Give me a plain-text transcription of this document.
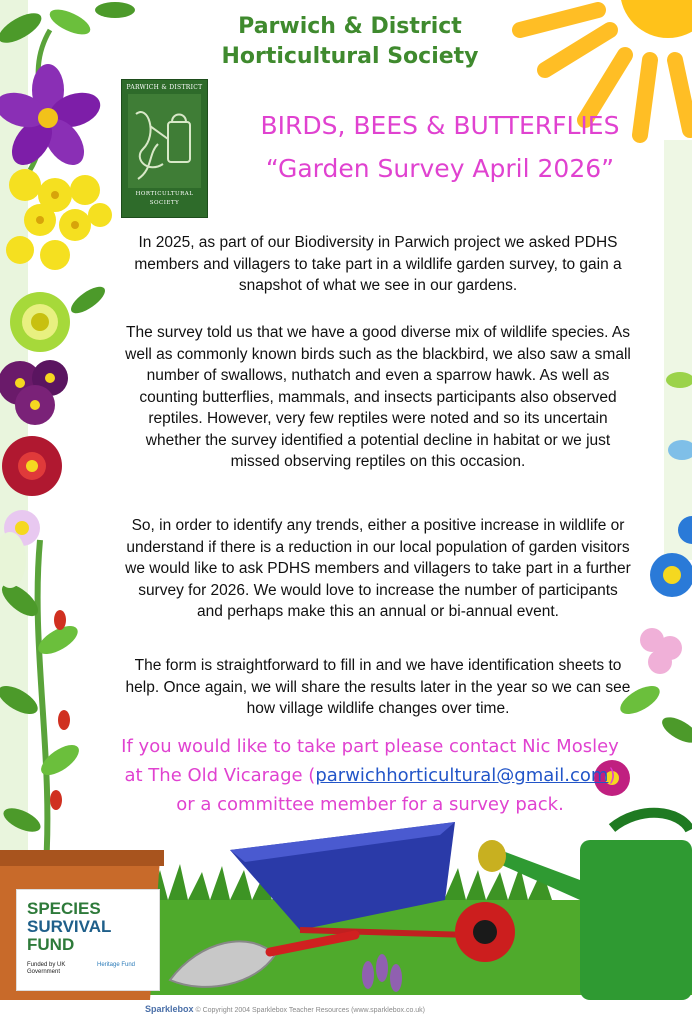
Parwich & District
Horticultural Society
PARWICH & DISTRICT
HORTICULTURAL
SOCIETY
BIRDS, BEES & BUTTERFLIES
“Garden Survey April 2026”
In 2025, as part of our Biodiversity in Parwich project we asked PDHS
members and villagers to take part in a wildlife garden survey, to gain a
snapshot of what we see in our gardens.
The survey told us that we have a good diverse mix of wildlife species. As
well as commonly known birds such as the blackbird, we also saw a small
number of swallows, nuthatch and even a sparrow hawk. As well as
counting butterflies, mammals, and insects participants also observed
reptiles. However, very few reptiles were noted and so its uncertain
whether the survey identified a potential decline in habitat or we just
missed observing reptiles on this occasion.
So, in order to identify any trends, either a positive increase in wildlife or
understand if there is a reduction in our local population of garden visitors
we would like to ask PDHS members and villagers to take part in a further
survey for 2026. We would love to increase the number of participants
and perhaps make this an annual or bi-annual event.
The form is straightforward to fill in and we have identification sheets to
help. Once again, we will share the results later in the year so we can see
how village wildlife changes over time.
If you would like to take part please contact Nic Mosley
at The Old Vicarage (parwichhorticultural@gmail.com)
or a committee member for a survey pack.
SPECIES
SURVIVAL
FUND
Funded by UK Government
Heritage Fund
Sparklebox © Copyright 2004 Sparklebox Teacher Resources (www.sparklebox.co.uk)
